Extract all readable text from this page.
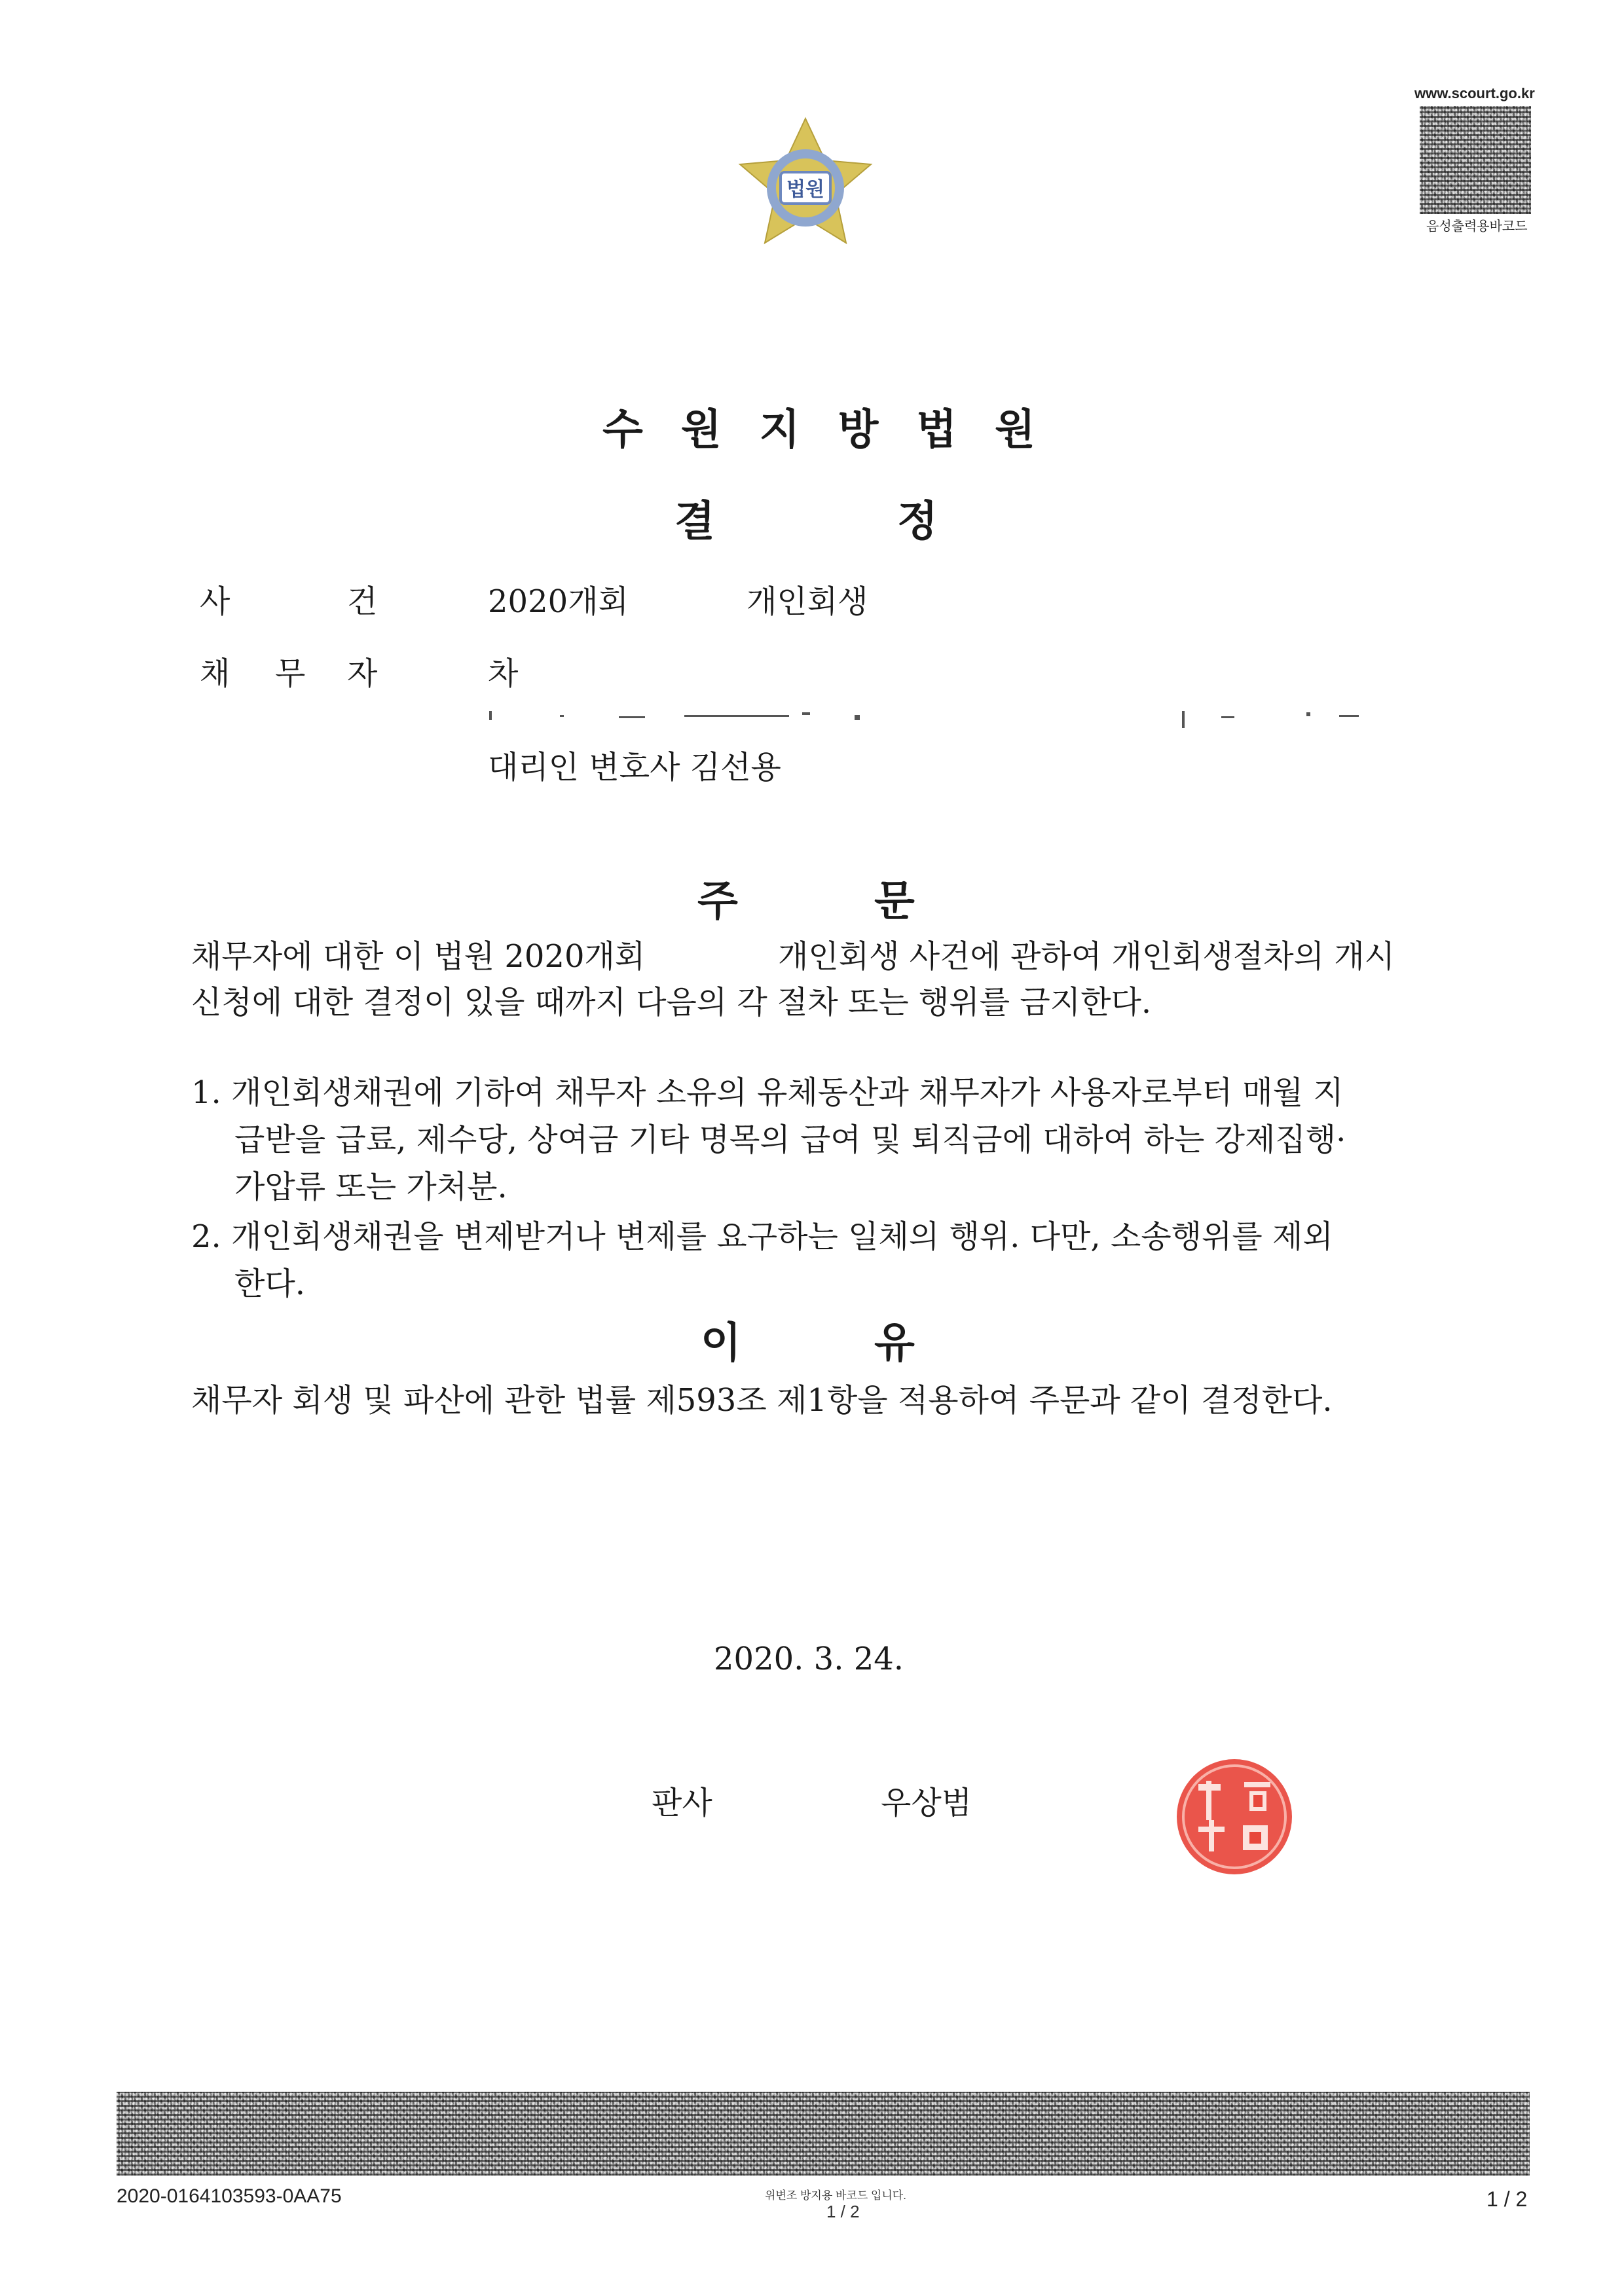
법원
www.scourt.go.kr
음성출력용바코드
수원지방법원
결	정
사	건	2020개회	개인회생
채 무 자	차
대리인 변호사 김선용
주	문
채무자에 대한 이 법원 2020개회	개인회생 사건에 관하여 개인회생절차의 개시
신청에 대한 결정이 있을 때까지 다음의 각 절차 또는 행위를 금지한다.
1. 개인회생채권에 기하여 채무자 소유의 유체동산과 채무자가 사용자로부터 매월 지
급받을 급료, 제수당, 상여금 기타 명목의 급여 및 퇴직금에 대하여 하는 강제집행·
가압류 또는 가처분.
2. 개인회생채권을 변제받거나 변제를 요구하는 일체의 행위. 다만, 소송행위를 제외
한다.
이	유
채무자 회생 및 파산에 관한 법률 제593조 제1항을 적용하여 주문과 같이 결정한다.
2020. 3. 24.
판사	우상범
2020-0164103593-0AA75	위변조 방지용 바코드 입니다.
1 / 2
1 / 2
